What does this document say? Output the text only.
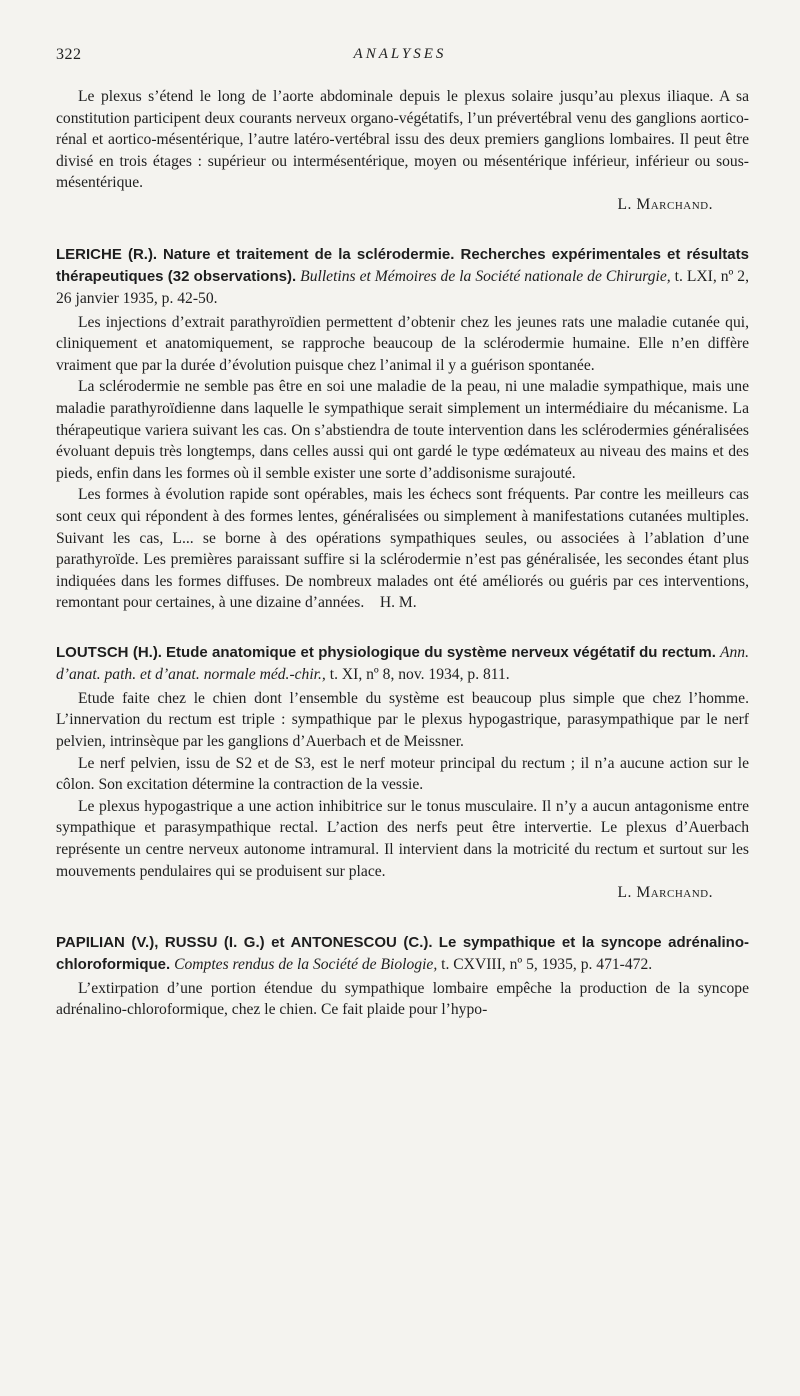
322	ANALYSES

Le plexus s’étend le long de l’aorte abdominale depuis le plexus solaire jusqu’au plexus iliaque. A sa constitution participent deux courants nerveux organo-végétatifs, l’un prévertébral venu des ganglions aortico-rénal et aortico-mésentérique, l’autre latéro-vertébral issu des deux premiers ganglions lombaires. Il peut être divisé en trois étages : supérieur ou intermésentérique, moyen ou mésentérique inférieur, inférieur ou sous-mésentérique.

L. Marchand.

LERICHE (R.). Nature et traitement de la sclérodermie. Recherches expérimentales et résultats thérapeutiques (32 observations). Bulletins et Mémoires de la Société nationale de Chirurgie, t. LXI, nº 2, 26 janvier 1935, p. 42-50.

Les injections d’extrait parathyroïdien permettent d’obtenir chez les jeunes rats une maladie cutanée qui, cliniquement et anatomiquement, se rapproche beaucoup de la sclérodermie humaine. Elle n’en diffère vraiment que par la durée d’évolution puisque chez l’animal il y a guérison spontanée.

La sclérodermie ne semble pas être en soi une maladie de la peau, ni une maladie sympathique, mais une maladie parathyroïdienne dans laquelle le sympathique serait simplement un intermédiaire du mécanisme. La thérapeutique variera suivant les cas. On s’abstiendra de toute intervention dans les sclérodermies généralisées évoluant depuis très longtemps, dans celles aussi qui ont gardé le type œdémateux au niveau des mains et des pieds, enfin dans les formes où il semble exister une sorte d’addisonisme surajouté.

Les formes à évolution rapide sont opérables, mais les échecs sont fréquents. Par contre les meilleurs cas sont ceux qui répondent à des formes lentes, généralisées ou simplement à manifestations cutanées multiples. Suivant les cas, L... se borne à des opérations sympathiques seules, ou associées à l’ablation d’une parathyroïde. Les premières paraissant suffire si la sclérodermie n’est pas généralisée, les secondes étant plus indiquées dans les formes diffuses. De nombreux malades ont été améliorés ou guéris par ces interventions, remontant pour certaines, à une dizaine d’années. H. M.

LOUTSCH (H.). Etude anatomique et physiologique du système nerveux végétatif du rectum. Ann. d’anat. path. et d’anat. normale méd.-chir., t. XI, nº 8, nov. 1934, p. 811.

Etude faite chez le chien dont l’ensemble du système est beaucoup plus simple que chez l’homme. L’innervation du rectum est triple : sympathique par le plexus hypogastrique, parasympathique par le nerf pelvien, intrinsèque par les ganglions d’Auerbach et de Meissner.

Le nerf pelvien, issu de S2 et de S3, est le nerf moteur principal du rectum ; il n’a aucune action sur le côlon. Son excitation détermine la contraction de la vessie.

Le plexus hypogastrique a une action inhibitrice sur le tonus musculaire. Il n’y a aucun antagonisme entre sympathique et parasympathique rectal. L’action des nerfs peut être intervertie. Le plexus d’Auerbach représente un centre nerveux autonome intramural. Il intervient dans la motricité du rectum et surtout sur les mouvements pendulaires qui se produisent sur place.

L. Marchand.

PAPILIAN (V.), RUSSU (I. G.) et ANTONESCOU (C.). Le sympathique et la syncope adrénalino-chloroformique. Comptes rendus de la Société de Biologie, t. CXVIII, nº 5, 1935, p. 471-472.

L’extirpation d’une portion étendue du sympathique lombaire empêche la production de la syncope adrénalino-chloroformique, chez le chien. Ce fait plaide pour l’hypo-
